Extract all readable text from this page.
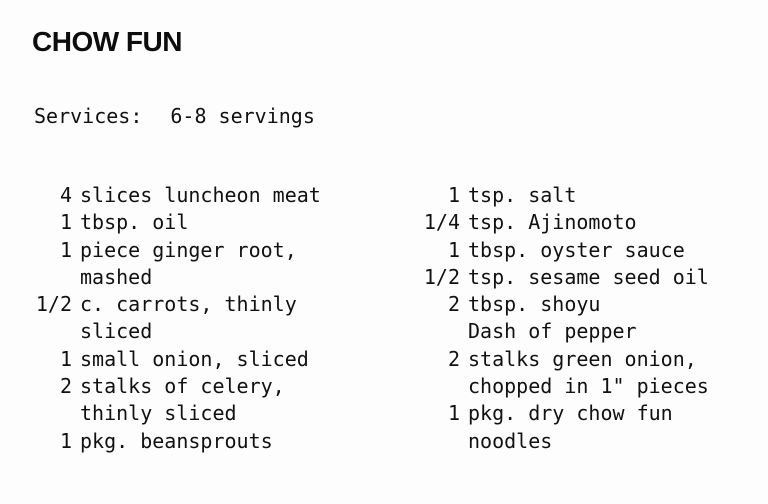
CHOW FUN
Services: 6-8 servings
4 slices luncheon meat
1 tbsp. oil
1 piece ginger root,
mashed
1/2 c. carrots, thinly
sliced
1 small onion, sliced
2 stalks of celery,
thinly sliced
1 pkg. beansprouts
1 tsp. salt
1/4 tsp. Ajinomoto
1 tbsp. oyster sauce
1/2 tsp. sesame seed oil
2 tbsp. shoyu
Dash of pepper
2 stalks green onion,
chopped in 1" pieces
1 pkg. dry chow fun
noodles
